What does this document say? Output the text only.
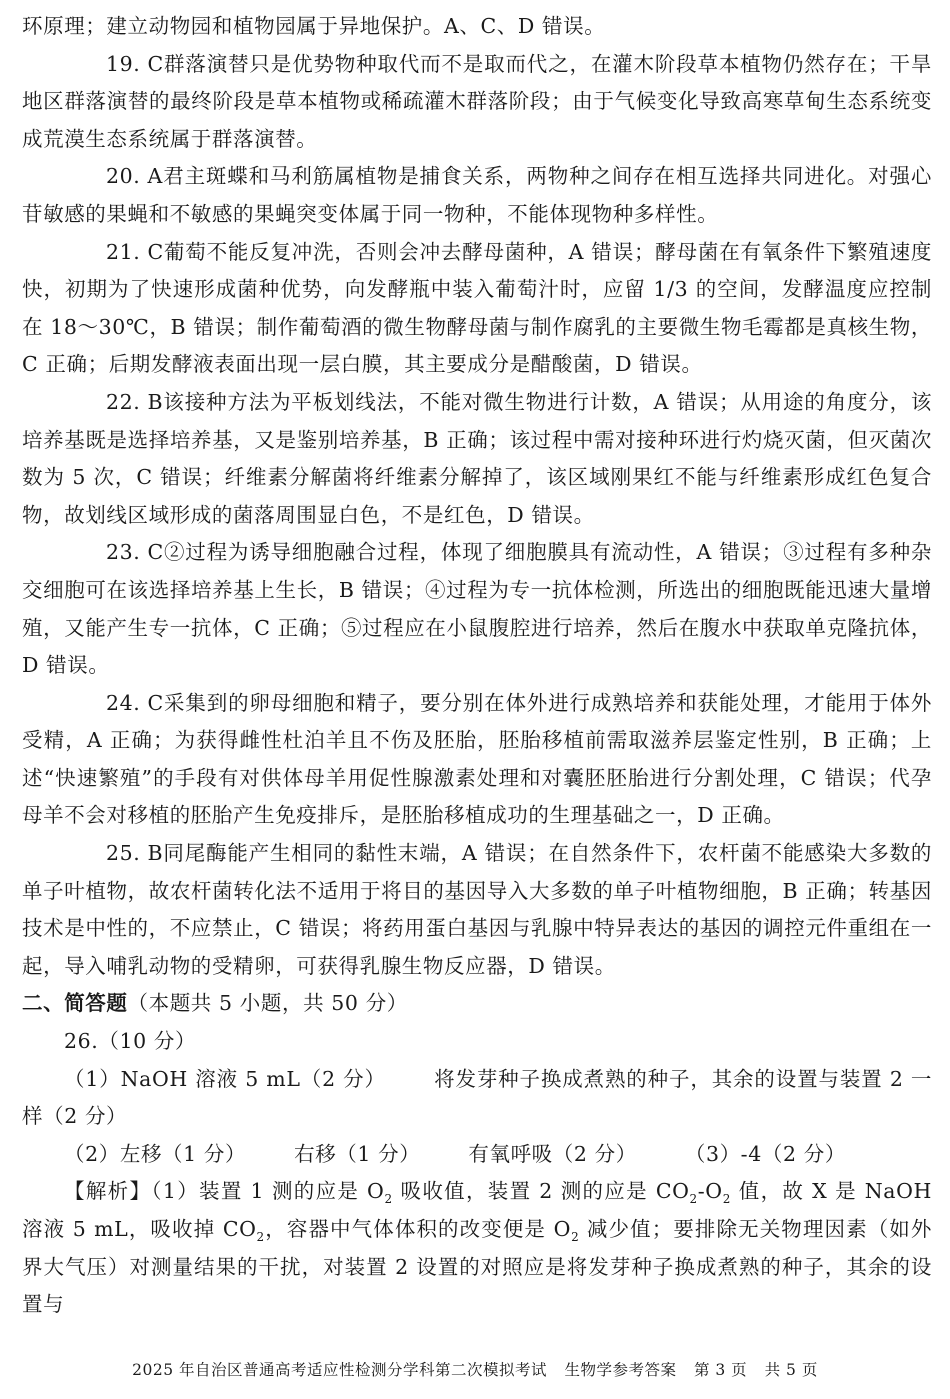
环原理；建立动物园和植物园属于异地保护。A、C、D 错误。

19. C群落演替只是优势物种取代而不是取而代之，在灌木阶段草本植物仍然存在；干旱地区群落演替的最终阶段是草本植物或稀疏灌木群落阶段；由于气候变化导致高寒草甸生态系统变成荒漠生态系统属于群落演替。

20. A君主斑蝶和马利筋属植物是捕食关系，两物种之间存在相互选择共同进化。对强心苷敏感的果蝇和不敏感的果蝇突变体属于同一物种，不能体现物种多样性。

21. C葡萄不能反复冲洗，否则会冲去酵母菌种，A 错误；酵母菌在有氧条件下繁殖速度快，初期为了快速形成菌种优势，向发酵瓶中装入葡萄汁时，应留 1/3 的空间，发酵温度应控制在 18～30℃，B 错误；制作葡萄酒的微生物酵母菌与制作腐乳的主要微生物毛霉都是真核生物，C 正确；后期发酵液表面出现一层白膜，其主要成分是醋酸菌，D 错误。

22. B该接种方法为平板划线法，不能对微生物进行计数，A 错误；从用途的角度分，该培养基既是选择培养基，又是鉴别培养基，B 正确；该过程中需对接种环进行灼烧灭菌，但灭菌次数为 5 次，C 错误；纤维素分解菌将纤维素分解掉了，该区域刚果红不能与纤维素形成红色复合物，故划线区域形成的菌落周围显白色，不是红色，D 错误。

23. C②过程为诱导细胞融合过程，体现了细胞膜具有流动性，A 错误；③过程有多种杂交细胞可在该选择培养基上生长，B 错误；④过程为专一抗体检测，所选出的细胞既能迅速大量增殖，又能产生专一抗体，C 正确；⑤过程应在小鼠腹腔进行培养，然后在腹水中获取单克隆抗体，D 错误。

24. C采集到的卵母细胞和精子，要分别在体外进行成熟培养和获能处理，才能用于体外受精，A 正确；为获得雌性杜泊羊且不伤及胚胎，胚胎移植前需取滋养层鉴定性别，B 正确；上述“快速繁殖”的手段有对供体母羊用促性腺激素处理和对囊胚胚胎进行分割处理，C 错误；代孕母羊不会对移植的胚胎产生免疫排斥，是胚胎移植成功的生理基础之一，D 正确。

25. B同尾酶能产生相同的黏性末端，A 错误；在自然条件下，农杆菌不能感染大多数的单子叶植物，故农杆菌转化法不适用于将目的基因导入大多数的单子叶植物细胞，B 正确；转基因技术是中性的，不应禁止，C 错误；将药用蛋白基因与乳腺中特异表达的基因的调控元件重组在一起，导入哺乳动物的受精卵，可获得乳腺生物反应器，D 错误。

二、简答题（本题共 5 小题，共 50 分）

26.（10 分）

（1）NaOH 溶液 5 mL（2 分） 将发芽种子换成煮熟的种子，其余的设置与装置 2 一样（2 分）

（2）左移（1 分） 右移（1 分） 有氧呼吸（2 分） （3）-4（2 分）

【解析】（1）装置 1 测的应是 $O_2$ 吸收值，装置 2 测的应是 $CO_2-O_2$ 值，故 X 是 NaOH 溶液 5 mL，吸收掉 $CO_2$，容器中气体体积的改变便是 $O_2$ 减少值；要排除无关物理因素（如外界大气压）对测量结果的干扰，对装置 2 设置的对照应是将发芽种子换成煮熟的种子，其余的设置与

2025 年自治区普通高考适应性检测分学科第二次模拟考试 生物学参考答案 第 3 页 共 5 页
